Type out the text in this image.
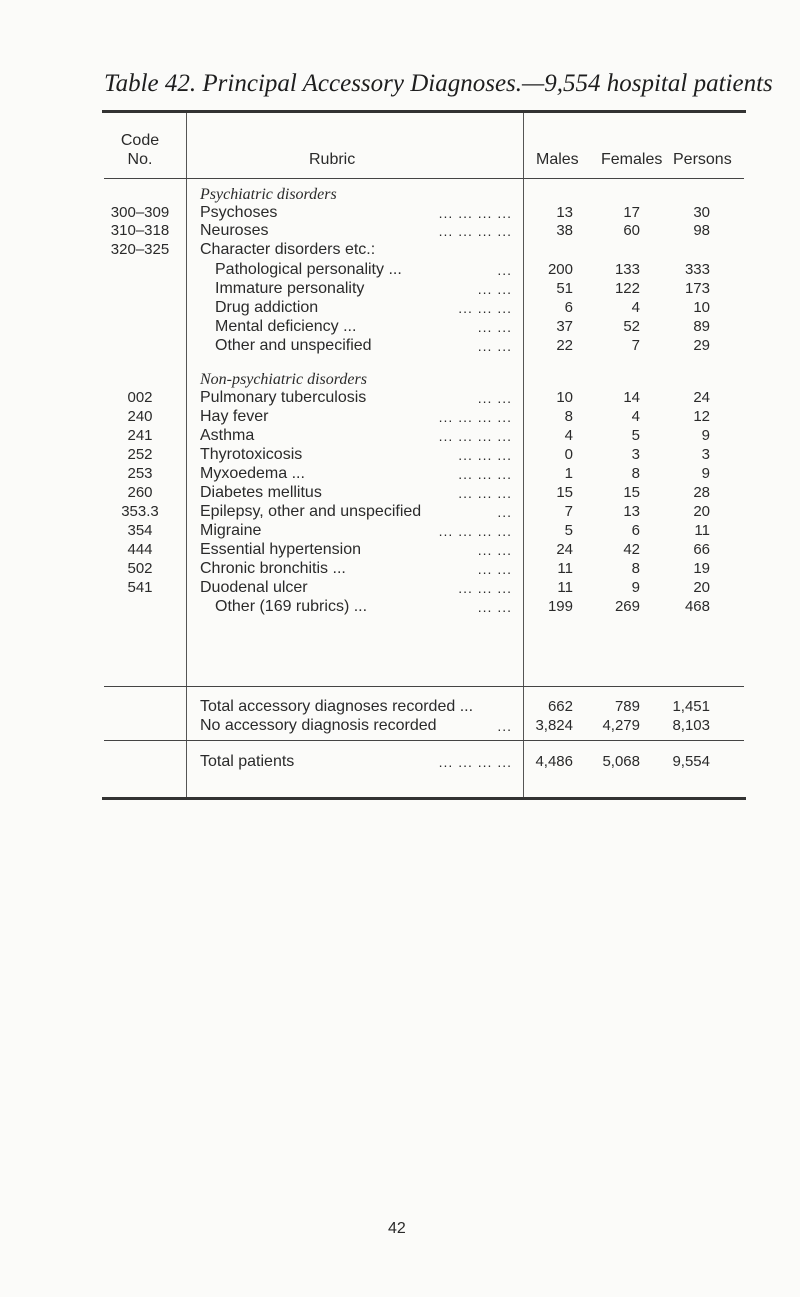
Table 42. Principal Accessory Diagnoses.—9,554 hospital patients
Code
No.	Rubric	Males Females Persons
Psychiatric disorders
300–309	Psychoses	... ... ... ...	13	17	30
310–318	Neuroses	... ... ... ...	38	60	98
320–325	Character disorders etc.:
Pathological personality ...	...	200	133	333
Immature personality	... ...	51	122	173
Drug addiction	... ... ...	6	4	10
Mental deficiency ...	... ...	37	52	89
Other and unspecified	... ...	22	7	29
Non-psychiatric disorders
002	Pulmonary tuberculosis	... ...	10	14	24
240	Hay fever	... ... ... ...	8	4	12
241	Asthma	... ... ... ...	4	5	9
252	Thyrotoxicosis	... ... ...	0	3	3
253	Myxoedema ...	... ... ...	1	8	9
260	Diabetes mellitus	... ... ...	15	15	28
353.3	Epilepsy, other and unspecified	...	7	13	20
354	Migraine	... ... ... ...	5	6	11
444	Essential hypertension	... ...	24	42	66
502	Chronic bronchitis ...	... ...	11	8	19
541	Duodenal ulcer	... ... ...	11	9	20
Other (169 rubrics) ...	... ...	199	269	468
Total accessory diagnoses recorded ...	662	789	1,451
No accessory diagnosis recorded	...	3,824 4,279	8,103
Total patients	... ... ... ...	4,486 5,068	9,554
42
